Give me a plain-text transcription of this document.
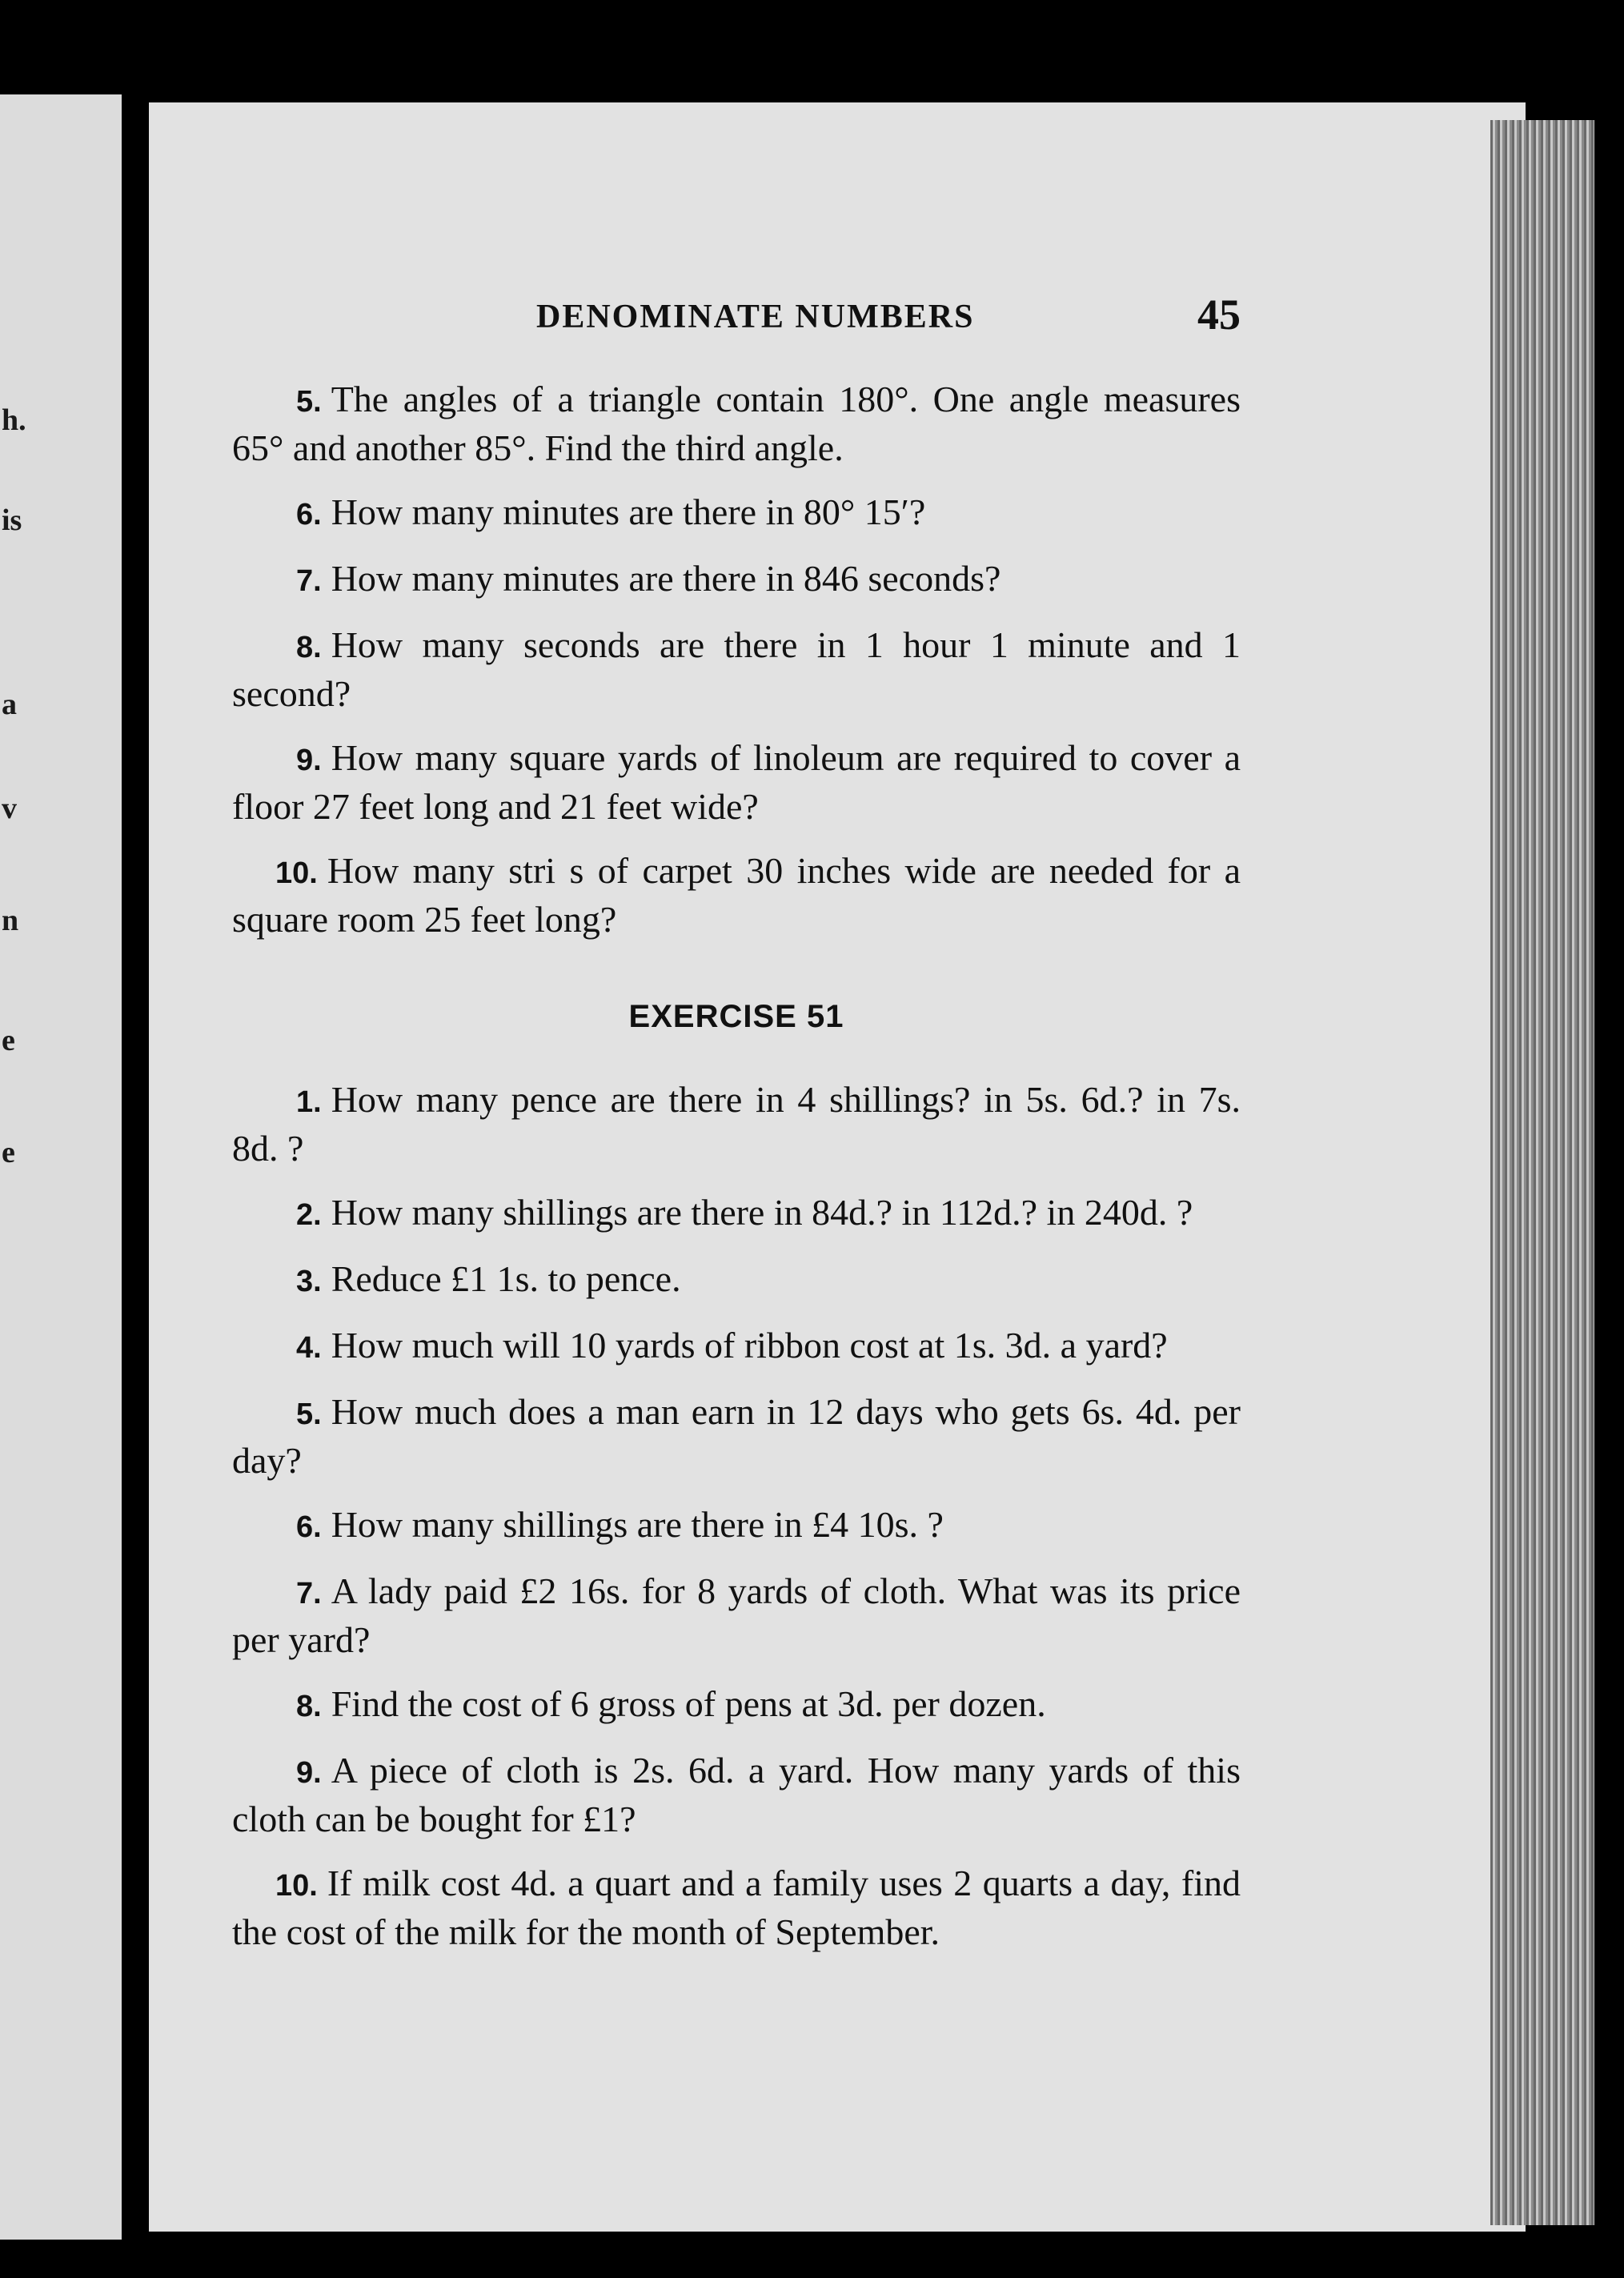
h.
is
a
v
n
e
e
DENOMINATE NUMBERS	45
5. The angles of a triangle contain 180°. One angle measures 65° and another 85°. Find the third angle.
6. How many minutes are there in 80° 15′?
7. How many minutes are there in 846 seconds?
8. How many seconds are there in 1 hour 1 minute and 1 second?
9. How many square yards of linoleum are required to cover a floor 27 feet long and 21 feet wide?
10. How many stri s of carpet 30 inches wide are needed for a square room 25 feet long?
EXERCISE 51
1. How many pence are there in 4 shillings? in 5s. 6d.? in 7s. 8d. ?
2. How many shillings are there in 84d.? in 112d.? in 240d. ?
3. Reduce £1 1s. to pence.
4. How much will 10 yards of ribbon cost at 1s. 3d. a yard?
5. How much does a man earn in 12 days who gets 6s. 4d. per day?
6. How many shillings are there in £4 10s. ?
7. A lady paid £2 16s. for 8 yards of cloth. What was its price per yard?
8. Find the cost of 6 gross of pens at 3d. per dozen.
9. A piece of cloth is 2s. 6d. a yard. How many yards of this cloth can be bought for £1?
10. If milk cost 4d. a quart and a family uses 2 quarts a day, find the cost of the milk for the month of September.
